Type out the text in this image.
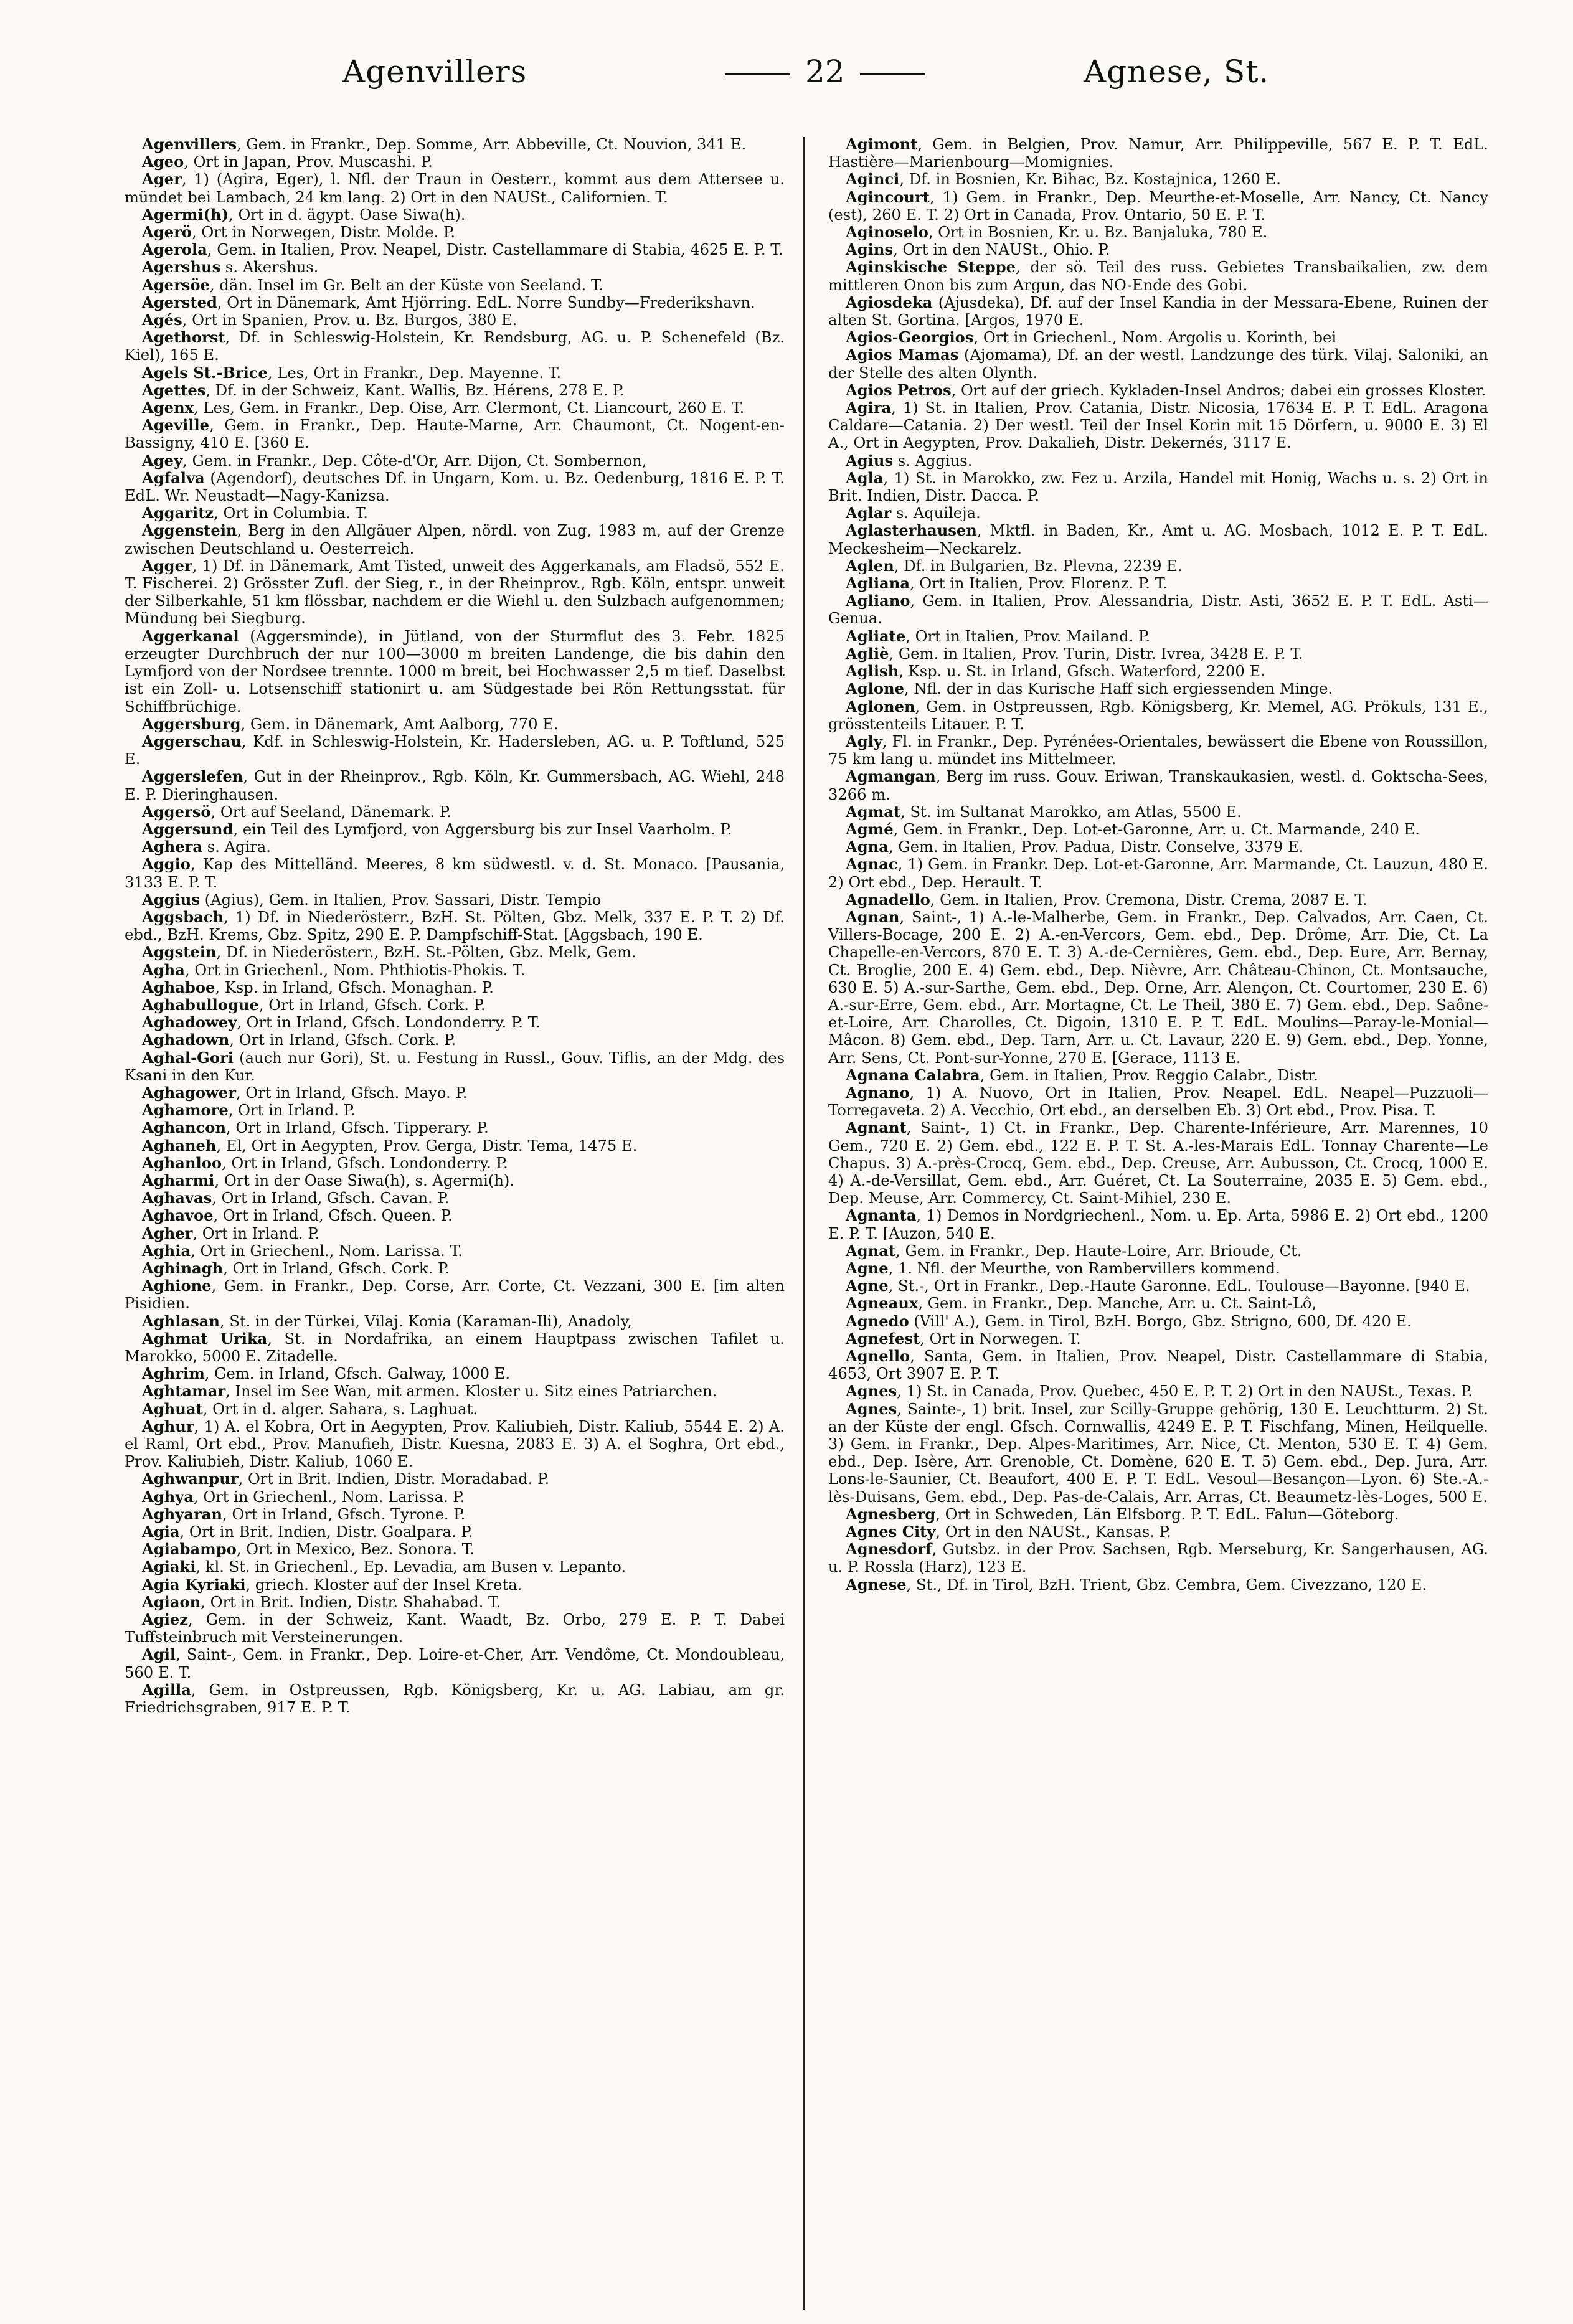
Agenvillers	22	Agnese, St.

Agenvillers, Gem. in Frankr., Dep. Somme, Arr. Abbeville, Ct. Nouvion, 341 E.

Ageo, Ort in Japan, Prov. Muscashi. P.

Ager, 1) (Agira, Eger), l. Nfl. der Traun in Oesterr., kommt aus dem Attersee u. mündet bei Lambach, 24 km lang. 2) Ort in den NAUSt., Californien. T.

Agermi(h), Ort in d. ägypt. Oase Siwa(h).

Agerö, Ort in Norwegen, Distr. Molde. P.

Agerola, Gem. in Italien, Prov. Neapel, Distr. Castellammare di Stabia, 4625 E. P. T.

Agershus s. Akershus.

Agersöe, dän. Insel im Gr. Belt an der Küste von Seeland. T.

Agersted, Ort in Dänemark, Amt Hjörring. EdL. Norre Sundby—Frederikshavn.

Agés, Ort in Spanien, Prov. u. Bz. Burgos, 380 E.

Agethorst, Df. in Schleswig-Holstein, Kr. Rendsburg, AG. u. P. Schenefeld (Bz. Kiel), 165 E.

Agels St.-Brice, Les, Ort in Frankr., Dep. Mayenne. T.

Agettes, Df. in der Schweiz, Kant. Wallis, Bz. Hérens, 278 E. P.

Agenx, Les, Gem. in Frankr., Dep. Oise, Arr. Clermont, Ct. Liancourt, 260 E. T.

Ageville, Gem. in Frankr., Dep. Haute-Marne, Arr. Chaumont, Ct. Nogent-en-Bassigny, 410 E. [360 E.

Agey, Gem. in Frankr., Dep. Côte-d'Or, Arr. Dijon, Ct. Sombernon,

Agfalva (Agendorf), deutsches Df. in Ungarn, Kom. u. Bz. Oedenburg, 1816 E. P. T. EdL. Wr. Neustadt—Nagy-Kanizsa.

Aggaritz, Ort in Columbia. T.

Aggenstein, Berg in den Allgäuer Alpen, nördl. von Zug, 1983 m, auf der Grenze zwischen Deutschland u. Oesterreich.

Agger, 1) Df. in Dänemark, Amt Tisted, unweit des Aggerkanals, am Fladsö, 552 E. T. Fischerei. 2) Grösster Zufl. der Sieg, r., in der Rheinprov., Rgb. Köln, entspr. unweit der Silberkahle, 51 km flössbar, nachdem er die Wiehl u. den Sulzbach aufgenommen; Mündung bei Siegburg.

Aggerkanal (Aggersminde), in Jütland, von der Sturmflut des 3. Febr. 1825 erzeugter Durchbruch der nur 100—3000 m breiten Landenge, die bis dahin den Lymfjord von der Nordsee trennte. 1000 m breit, bei Hochwasser 2,5 m tief. Daselbst ist ein Zoll- u. Lotsenschiff stationirt u. am Südgestade bei Rön Rettungsstat. für Schiffbrüchige.

Aggersburg, Gem. in Dänemark, Amt Aalborg, 770 E.

Aggerschau, Kdf. in Schleswig-Holstein, Kr. Hadersleben, AG. u. P. Toftlund, 525 E.

Aggerslefen, Gut in der Rheinprov., Rgb. Köln, Kr. Gummersbach, AG. Wiehl, 248 E. P. Dieringhausen.

Aggersö, Ort auf Seeland, Dänemark. P.

Aggersund, ein Teil des Lymfjord, von Aggersburg bis zur Insel Vaarholm. P.

Aghera s. Agira.

Aggio, Kap des Mittelländ. Meeres, 8 km südwestl. v. d. St. Monaco. [Pausania, 3133 E. P. T.

Aggius (Agius), Gem. in Italien, Prov. Sassari, Distr. Tempio

Aggsbach, 1) Df. in Niederösterr., BzH. St. Pölten, Gbz. Melk, 337 E. P. T. 2) Df. ebd., BzH. Krems, Gbz. Spitz, 290 E. P. Dampfschiff-Stat. [Aggsbach, 190 E.

Aggstein, Df. in Niederösterr., BzH. St.-Pölten, Gbz. Melk, Gem.

Agha, Ort in Griechenl., Nom. Phthiotis-Phokis. T.

Aghaboe, Ksp. in Irland, Gfsch. Monaghan. P.

Aghabullogue, Ort in Irland, Gfsch. Cork. P.

Aghadowey, Ort in Irland, Gfsch. Londonderry. P. T.

Aghadown, Ort in Irland, Gfsch. Cork. P.

Aghal-Gori (auch nur Gori), St. u. Festung in Russl., Gouv. Tiflis, an der Mdg. des Ksani in den Kur.

Aghagower, Ort in Irland, Gfsch. Mayo. P.

Aghamore, Ort in Irland. P.

Aghancon, Ort in Irland, Gfsch. Tipperary. P.

Aghaneh, El, Ort in Aegypten, Prov. Gerga, Distr. Tema, 1475 E.

Aghanloo, Ort in Irland, Gfsch. Londonderry. P.

Agharmi, Ort in der Oase Siwa(h), s. Agermi(h).

Aghavas, Ort in Irland, Gfsch. Cavan. P.

Aghavoe, Ort in Irland, Gfsch. Queen. P.

Agher, Ort in Irland. P.

Aghia, Ort in Griechenl., Nom. Larissa. T.

Aghinagh, Ort in Irland, Gfsch. Cork. P.

Aghione, Gem. in Frankr., Dep. Corse, Arr. Corte, Ct. Vezzani, 300 E. [im alten Pisidien.

Aghlasan, St. in der Türkei, Vilaj. Konia (Karaman-Ili), Anadoly,

Aghmat Urika, St. in Nordafrika, an einem Hauptpass zwischen Tafilet u. Marokko, 5000 E. Zitadelle.

Aghrim, Gem. in Irland, Gfsch. Galway, 1000 E.

Aghtamar, Insel im See Wan, mit armen. Kloster u. Sitz eines Patriarchen.

Aghuat, Ort in d. alger. Sahara, s. Laghuat.

Aghur, 1) A. el Kobra, Ort in Aegypten, Prov. Kaliubieh, Distr. Kaliub, 5544 E. 2) A. el Raml, Ort ebd., Prov. Manufieh, Distr. Kuesna, 2083 E. 3) A. el Soghra, Ort ebd., Prov. Kaliubieh, Distr. Kaliub, 1060 E.

Aghwanpur, Ort in Brit. Indien, Distr. Moradabad. P.

Aghya, Ort in Griechenl., Nom. Larissa. P.

Aghyaran, Ort in Irland, Gfsch. Tyrone. P.

Agia, Ort in Brit. Indien, Distr. Goalpara. P.

Agiabampo, Ort in Mexico, Bez. Sonora. T.

Agiaki, kl. St. in Griechenl., Ep. Levadia, am Busen v. Lepanto.

Agia Kyriaki, griech. Kloster auf der Insel Kreta.

Agiaon, Ort in Brit. Indien, Distr. Shahabad. T.

Agiez, Gem. in der Schweiz, Kant. Waadt, Bz. Orbo, 279 E. P. T. Dabei Tuffsteinbruch mit Versteinerungen.

Agil, Saint-, Gem. in Frankr., Dep. Loire-et-Cher, Arr. Vendôme, Ct. Mondoubleau, 560 E. T.

Agilla, Gem. in Ostpreussen, Rgb. Königsberg, Kr. u. AG. Labiau, am gr. Friedrichsgraben, 917 E. P. T.

Agimont, Gem. in Belgien, Prov. Namur, Arr. Philippeville, 567 E. P. T. EdL. Hastière—Marienbourg—Momignies.

Aginci, Df. in Bosnien, Kr. Bihac, Bz. Kostajnica, 1260 E.

Agincourt, 1) Gem. in Frankr., Dep. Meurthe-et-Moselle, Arr. Nancy, Ct. Nancy (est), 260 E. T. 2) Ort in Canada, Prov. Ontario, 50 E. P. T.

Aginoselo, Ort in Bosnien, Kr. u. Bz. Banjaluka, 780 E.

Agins, Ort in den NAUSt., Ohio. P.

Aginskische Steppe, der sö. Teil des russ. Gebietes Transbaikalien, zw. dem mittleren Onon bis zum Argun, das NO-Ende des Gobi.

Agiosdeka (Ajusdeka), Df. auf der Insel Kandia in der Messara-Ebene, Ruinen der alten St. Gortina. [Argos, 1970 E.

Agios-Georgios, Ort in Griechenl., Nom. Argolis u. Korinth, bei

Agios Mamas (Ajomama), Df. an der westl. Landzunge des türk. Vilaj. Saloniki, an der Stelle des alten Olynth.

Agios Petros, Ort auf der griech. Kykladen-Insel Andros; dabei ein grosses Kloster.

Agira, 1) St. in Italien, Prov. Catania, Distr. Nicosia, 17634 E. P. T. EdL. Aragona Caldare—Catania. 2) Der westl. Teil der Insel Korin mit 15 Dörfern, u. 9000 E. 3) El A., Ort in Aegypten, Prov. Dakalieh, Distr. Dekernés, 3117 E.

Agius s. Aggius.

Agla, 1) St. in Marokko, zw. Fez u. Arzila, Handel mit Honig, Wachs u. s. 2) Ort in Brit. Indien, Distr. Dacca. P.

Aglar s. Aquileja.

Aglasterhausen, Mktfl. in Baden, Kr., Amt u. AG. Mosbach, 1012 E. P. T. EdL. Meckesheim—Neckarelz.

Aglen, Df. in Bulgarien, Bz. Plevna, 2239 E.

Agliana, Ort in Italien, Prov. Florenz. P. T.

Agliano, Gem. in Italien, Prov. Alessandria, Distr. Asti, 3652 E. P. T. EdL. Asti—Genua.

Agliate, Ort in Italien, Prov. Mailand. P.

Agliè, Gem. in Italien, Prov. Turin, Distr. Ivrea, 3428 E. P. T.

Aglish, Ksp. u. St. in Irland, Gfsch. Waterford, 2200 E.

Aglone, Nfl. der in das Kurische Haff sich ergiessenden Minge.

Aglonen, Gem. in Ostpreussen, Rgb. Königsberg, Kr. Memel, AG. Prökuls, 131 E., grösstenteils Litauer. P. T.

Agly, Fl. in Frankr., Dep. Pyrénées-Orientales, bewässert die Ebene von Roussillon, 75 km lang u. mündet ins Mittelmeer.

Agmangan, Berg im russ. Gouv. Eriwan, Transkaukasien, westl. d. Goktscha-Sees, 3266 m.

Agmat, St. im Sultanat Marokko, am Atlas, 5500 E.

Agmé, Gem. in Frankr., Dep. Lot-et-Garonne, Arr. u. Ct. Marmande, 240 E.

Agna, Gem. in Italien, Prov. Padua, Distr. Conselve, 3379 E.

Agnac, 1) Gem. in Frankr. Dep. Lot-et-Garonne, Arr. Marmande, Ct. Lauzun, 480 E. 2) Ort ebd., Dep. Herault. T.

Agnadello, Gem. in Italien, Prov. Cremona, Distr. Crema, 2087 E. T.

Agnan, Saint-, 1) A.-le-Malherbe, Gem. in Frankr., Dep. Calvados, Arr. Caen, Ct. Villers-Bocage, 200 E. 2) A.-en-Vercors, Gem. ebd., Dep. Drôme, Arr. Die, Ct. La Chapelle-en-Vercors, 870 E. T. 3) A.-de-Cernières, Gem. ebd., Dep. Eure, Arr. Bernay, Ct. Broglie, 200 E. 4) Gem. ebd., Dep. Nièvre, Arr. Château-Chinon, Ct. Montsauche, 630 E. 5) A.-sur-Sarthe, Gem. ebd., Dep. Orne, Arr. Alençon, Ct. Courtomer, 230 E. 6) A.-sur-Erre, Gem. ebd., Arr. Mortagne, Ct. Le Theil, 380 E. 7) Gem. ebd., Dep. Saône-et-Loire, Arr. Charolles, Ct. Digoin, 1310 E. P. T. EdL. Moulins—Paray-le-Monial—Mâcon. 8) Gem. ebd., Dep. Tarn, Arr. u. Ct. Lavaur, 220 E. 9) Gem. ebd., Dep. Yonne, Arr. Sens, Ct. Pont-sur-Yonne, 270 E. [Gerace, 1113 E.

Agnana Calabra, Gem. in Italien, Prov. Reggio Calabr., Distr.

Agnano, 1) A. Nuovo, Ort in Italien, Prov. Neapel. EdL. Neapel—Puzzuoli—Torregaveta. 2) A. Vecchio, Ort ebd., an derselben Eb. 3) Ort ebd., Prov. Pisa. T.

Agnant, Saint-, 1) Ct. in Frankr., Dep. Charente-Inférieure, Arr. Marennes, 10 Gem., 720 E. 2) Gem. ebd., 122 E. P. T. St. A.-les-Marais EdL. Tonnay Charente—Le Chapus. 3) A.-près-Crocq, Gem. ebd., Dep. Creuse, Arr. Aubusson, Ct. Crocq, 1000 E. 4) A.-de-Versillat, Gem. ebd., Arr. Guéret, Ct. La Souterraine, 2035 E. 5) Gem. ebd., Dep. Meuse, Arr. Commercy, Ct. Saint-Mihiel, 230 E.

Agnanta, 1) Demos in Nordgriechenl., Nom. u. Ep. Arta, 5986 E. 2) Ort ebd., 1200 E. P. T. [Auzon, 540 E.

Agnat, Gem. in Frankr., Dep. Haute-Loire, Arr. Brioude, Ct.

Agne, 1. Nfl. der Meurthe, von Rambervillers kommend.

Agne, St.-, Ort in Frankr., Dep.-Haute Garonne. EdL. Toulouse—Bayonne. [940 E.

Agneaux, Gem. in Frankr., Dep. Manche, Arr. u. Ct. Saint-Lô,

Agnedo (Vill' A.), Gem. in Tirol, BzH. Borgo, Gbz. Strigno, 600, Df. 420 E.

Agnefest, Ort in Norwegen. T.

Agnello, Santa, Gem. in Italien, Prov. Neapel, Distr. Castellammare di Stabia, 4653, Ort 3907 E. P. T.

Agnes, 1) St. in Canada, Prov. Quebec, 450 E. P. T. 2) Ort in den NAUSt., Texas. P.

Agnes, Sainte-, 1) brit. Insel, zur Scilly-Gruppe gehörig, 130 E. Leuchtturm. 2) St. an der Küste der engl. Gfsch. Cornwallis, 4249 E. P. T. Fischfang, Minen, Heilquelle. 3) Gem. in Frankr., Dep. Alpes-Maritimes, Arr. Nice, Ct. Menton, 530 E. T. 4) Gem. ebd., Dep. Isère, Arr. Grenoble, Ct. Domène, 620 E. T. 5) Gem. ebd., Dep. Jura, Arr. Lons-le-Saunier, Ct. Beaufort, 400 E. P. T. EdL. Vesoul—Besançon—Lyon. 6) Ste.-A.-lès-Duisans, Gem. ebd., Dep. Pas-de-Calais, Arr. Arras, Ct. Beaumetz-lès-Loges, 500 E.

Agnesberg, Ort in Schweden, Län Elfsborg. P. T. EdL. Falun—Göteborg.

Agnes City, Ort in den NAUSt., Kansas. P.

Agnesdorf, Gutsbz. in der Prov. Sachsen, Rgb. Merseburg, Kr. Sangerhausen, AG. u. P. Rossla (Harz), 123 E.

Agnese, St., Df. in Tirol, BzH. Trient, Gbz. Cembra, Gem. Civezzano, 120 E.
